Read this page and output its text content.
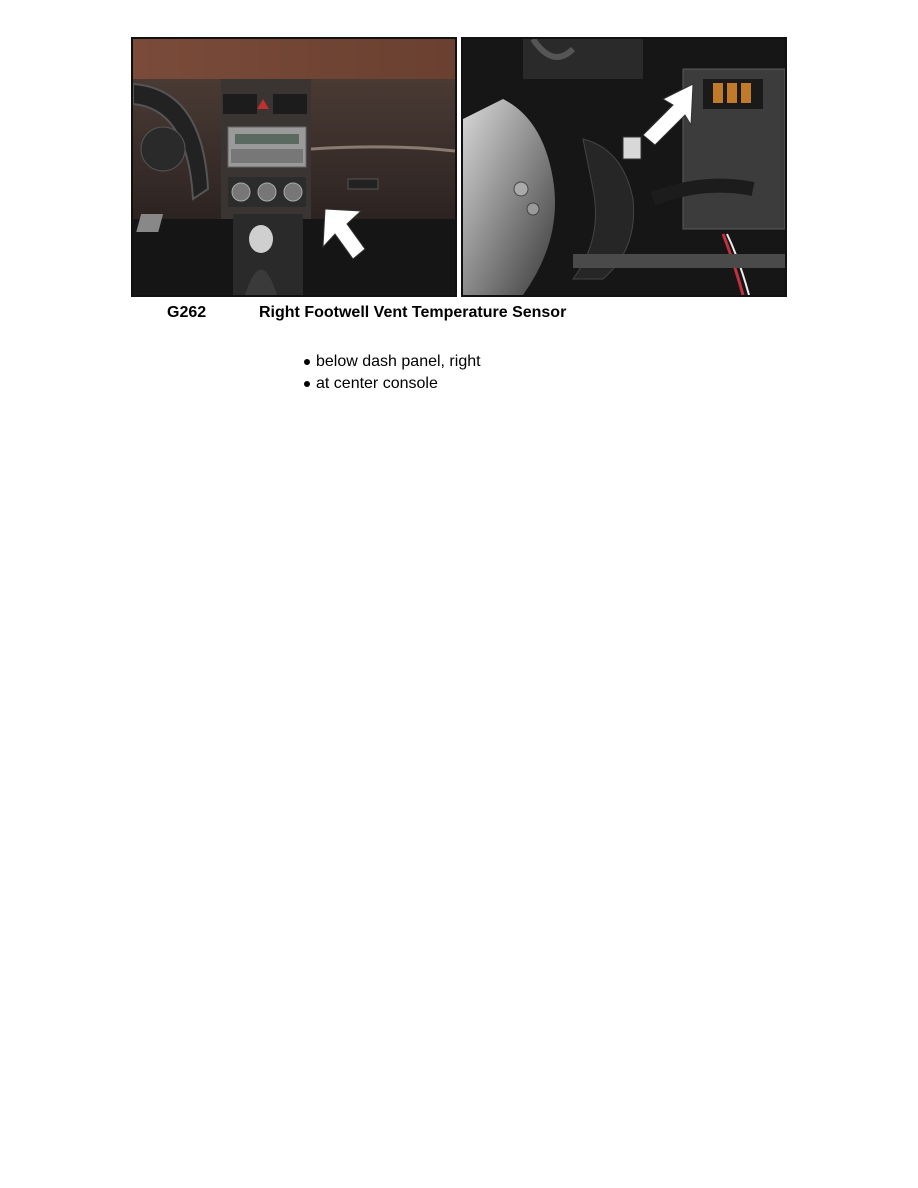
G262	Right Footwell Vent Temperature Sensor
below dash panel, right
at center console
